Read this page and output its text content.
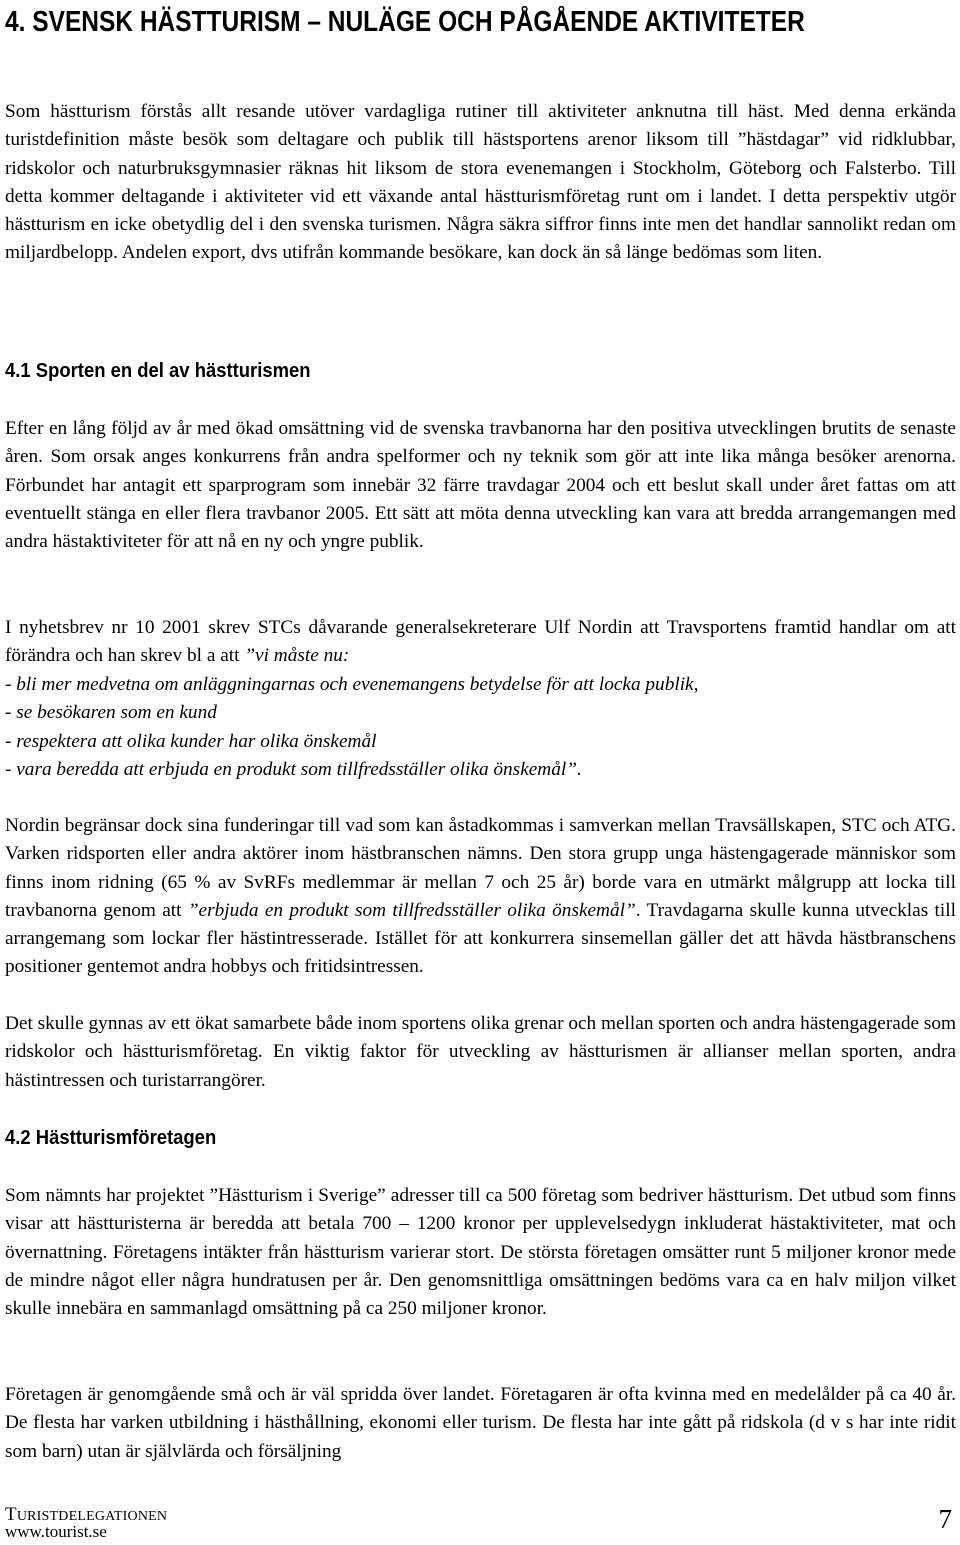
4. SVENSK HÄSTTURISM – NULÄGE OCH PÅGÅENDE AKTIVITETER

Som hästturism förstås allt resande utöver vardagliga rutiner till aktiviteter anknutna till häst. Med denna erkända turistdefinition måste besök som deltagare och publik till hästsportens arenor liksom till ”hästdagar” vid ridklubbar, ridskolor och naturbruksgymnasier räknas hit liksom de stora evenemangen i Stockholm, Göteborg och Falsterbo. Till detta kommer deltagande i aktiviteter vid ett växande antal hästturismföretag runt om i landet. I detta perspektiv utgör hästturism en icke obetydlig del i den svenska turismen. Några säkra siffror finns inte men det handlar sannolikt redan om miljardbelopp. Andelen export, dvs utifrån kommande besökare, kan dock än så länge bedömas som liten.

4.1 Sporten en del av hästturismen

Efter en lång följd av år med ökad omsättning vid de svenska travbanorna har den positiva utvecklingen brutits de senaste åren. Som orsak anges konkurrens från andra spelformer och ny teknik som gör att inte lika många besöker arenorna. Förbundet har antagit ett sparprogram som innebär 32 färre travdagar 2004 och ett beslut skall under året fattas om att eventuellt stänga en eller flera travbanor 2005. Ett sätt att möta denna utveckling kan vara att bredda arrangemangen med andra hästaktiviteter för att nå en ny och yngre publik.

I nyhetsbrev nr 10 2001 skrev STCs dåvarande generalsekreterare Ulf Nordin att Travsportens framtid handlar om att förändra och han skrev bl a att ”vi måste nu:

- bli mer medvetna om anläggningarnas och evenemangens betydelse för att locka publik,
- se besökaren som en kund
- respektera att olika kunder har olika önskemål
- vara beredda att erbjuda en produkt som tillfredsställer olika önskemål”.

Nordin begränsar dock sina funderingar till vad som kan åstadkommas i samverkan mellan Travsällskapen, STC och ATG. Varken ridsporten eller andra aktörer inom hästbranschen nämns. Den stora grupp unga hästengagerade människor som finns inom ridning (65 % av SvRFs medlemmar är mellan 7 och 25 år) borde vara en utmärkt målgrupp att locka till travbanorna genom att ”erbjuda en produkt som tillfredsställer olika önskemål”. Travdagarna skulle kunna utvecklas till arrangemang som lockar fler hästintresserade. Istället för att konkurrera sinsemellan gäller det att hävda hästbranschens positioner gentemot andra hobbys och fritidsintressen.

Det skulle gynnas av ett ökat samarbete både inom sportens olika grenar och mellan sporten och andra hästengagerade som ridskolor och hästturismföretag. En viktig faktor för utveckling av hästturismen är allianser mellan sporten, andra hästintressen och turistarrangörer.

4.2 Hästturismföretagen

Som nämnts har projektet ”Hästturism i Sverige” adresser till ca 500 företag som bedriver hästturism. Det utbud som finns visar att hästturisterna är beredda att betala 700 – 1200 kronor per upplevelsedygn inkluderat hästaktiviteter, mat och övernattning. Företagens intäkter från hästturism varierar stort. De största företagen omsätter runt 5 miljoner kronor mede de mindre något eller några hundratusen per år. Den genomsnittliga omsättningen bedöms vara ca en halv miljon vilket skulle innebära en sammanlagd omsättning på ca 250 miljoner kronor.

Företagen är genomgående små och är väl spridda över landet. Företagaren är ofta kvinna med en medelålder på ca 40 år. De flesta har varken utbildning i hästhållning, ekonomi eller turism. De flesta har inte gått på ridskola (d v s har inte ridit som barn) utan är självlärda och försäljning

TURISTDELEGATIONEN
www.tourist.se	7
